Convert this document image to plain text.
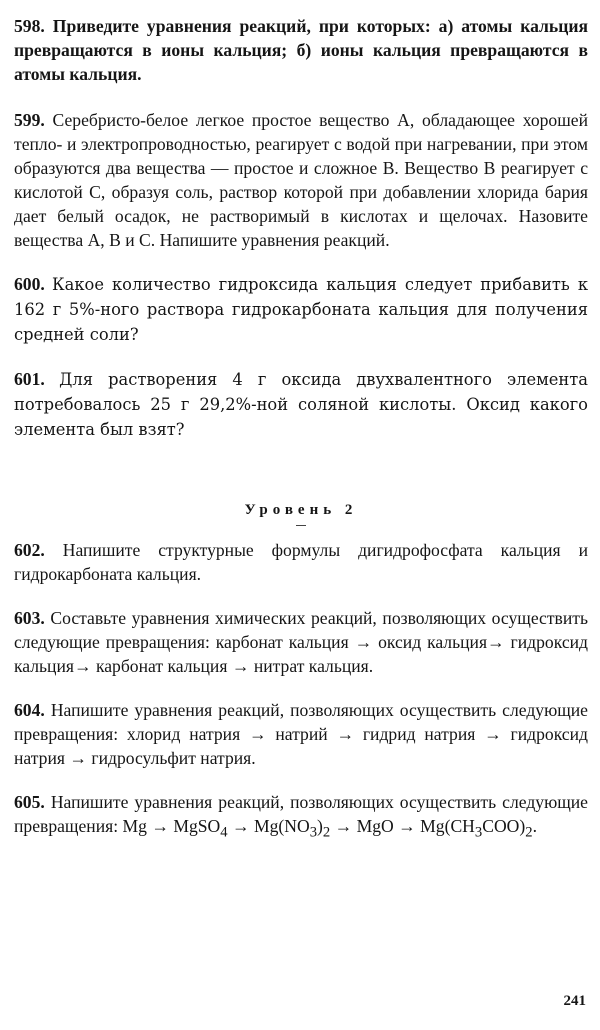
598. Приведите уравнения реакций, при которых: а) атомы кальция превращаются в ионы кальция; б) ионы кальция превращаются в атомы кальция.

599. Серебристо-белое легкое простое вещество А, обладающее хорошей тепло- и электропроводностью, реагирует с водой при нагревании, при этом образуются два вещества — простое и сложное В. Вещество В реагирует с кислотой С, образуя соль, раствор которой при добавлении хлорида бария дает белый осадок, не растворимый в кислотах и щелочах. Назовите вещества А, В и С. Напишите уравнения реакций.

600. Какое количество гидроксида кальция следует прибавить к 162 г 5%-ного раствора гидрокарбоната кальция для получения средней соли?

601. Для растворения 4 г оксида двухвалентного элемента потребовалось 25 г 29,2%-ной соляной кислоты. Оксид какого элемента был взят?

Уровень 2

602. Напишите структурные формулы дигидрофосфата кальция и гидрокарбоната кальция.

603. Составьте уравнения химических реакций, позволяющих осуществить следующие превращения: карбонат кальция → оксид кальция→ гидроксид кальция→ карбонат кальция → нитрат кальция.

604. Напишите уравнения реакций, позволяющих осуществить следующие превращения: хлорид натрия → натрий → гидрид натрия → гидроксид натрия → гидросульфит натрия.

605. Напишите уравнения реакций, позволяющих осуществить следующие превращения: Mg → MgSO$_4$ → $Mg(NO_3)_2$ → MgO → $Mg(CH_3COO)_2$.

241
